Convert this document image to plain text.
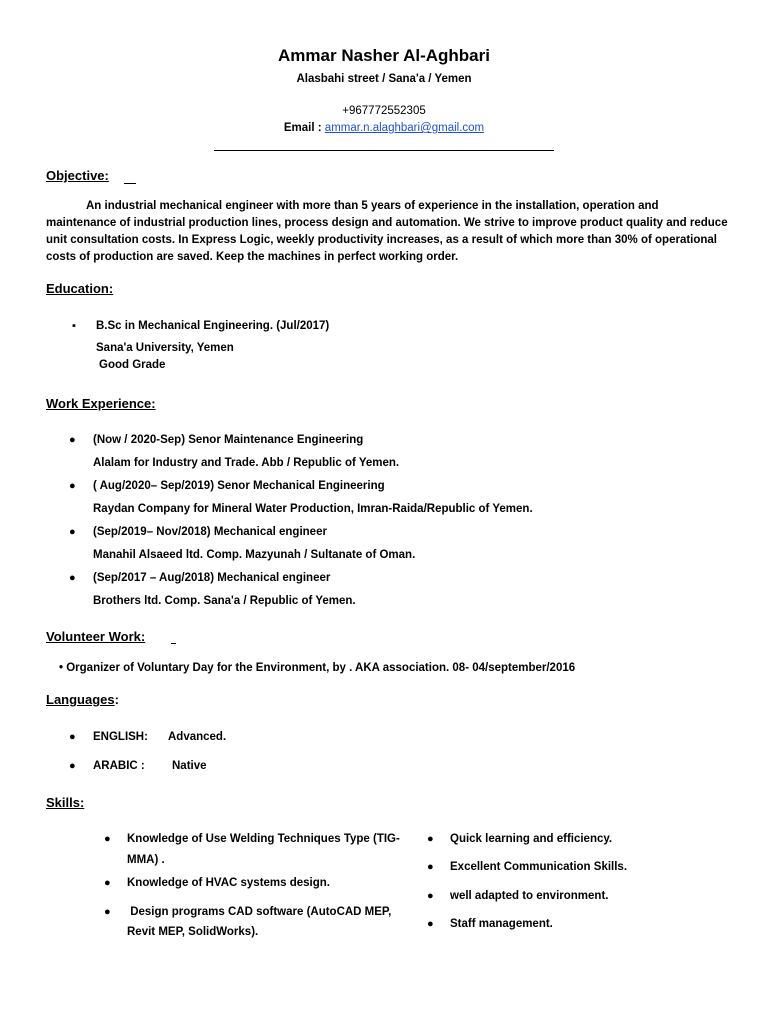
Ammar Nasher Al-Aghbari
Alasbahi street / Sana'a / Yemen
+967772552305
Email : ammar.n.alaghbari@gmail.com
Objective:
An industrial mechanical engineer with more than 5 years of experience in the installation, operation and
maintenance of industrial production lines, process design and automation. We strive to improve product quality and reduce
unit consultation costs. In Express Logic, weekly productivity increases, as a result of which more than 30% of operational
costs of production are saved. Keep the machines in perfect working order.
Education:
▪ B.Sc in Mechanical Engineering. (Jul/2017)
Sana'a University, Yemen
Good Grade
Work Experience:
● (Now / 2020-Sep) Senor Maintenance Engineering
Alalam for Industry and Trade. Abb / Republic of Yemen.
● ( Aug/2020– Sep/2019) Senor Mechanical Engineering
Raydan Company for Mineral Water Production, Imran-Raida/Republic of Yemen.
● (Sep/2019– Nov/2018) Mechanical engineer
Manahil Alsaeed ltd. Comp. Mazyunah / Sultanate of Oman.
● (Sep/2017 – Aug/2018) Mechanical engineer
Brothers ltd. Comp. Sana'a / Republic of Yemen.
Volunteer Work:
• Organizer of Voluntary Day for the Environment, by . AKA association. 08- 04/september/2016
Languages:
● ENGLISH: Advanced.
● ARABIC : Native
Skills:
● Knowledge of Use Welding Techniques Type (TIG-
MMA) .
● Knowledge of HVAC systems design.
● Design programs CAD software (AutoCAD MEP,
Revit MEP, SolidWorks).
● Quick learning and efficiency.
● Excellent Communication Skills.
● well adapted to environment.
● Staff management.
